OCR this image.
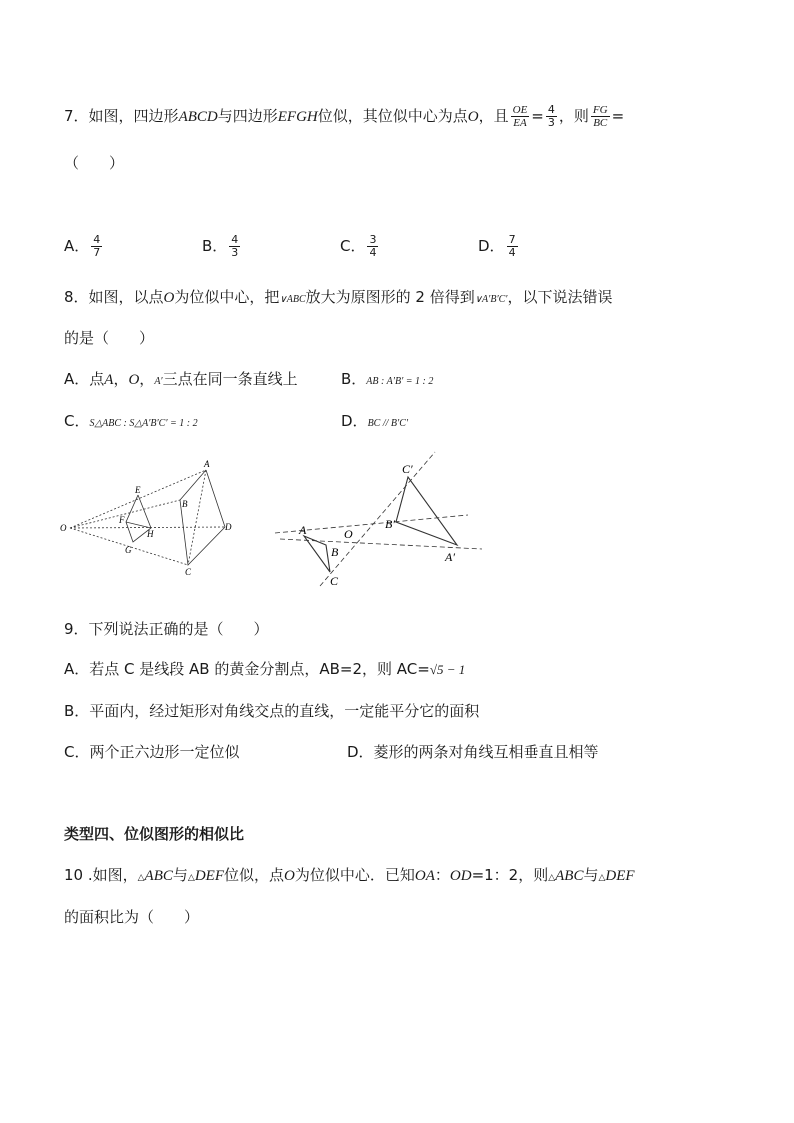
7．如图，四边形ABCD与四边形EFGH位似，其位似中心为点O，且 $\frac{OE}{EA} = \frac{4}{3}$ ，则 $\frac{FG}{BC}$ =
（　　）
A． $\frac{4}{7}$	B． $\frac{4}{3}$	C． $\frac{3}{4}$	D． $\frac{7}{4}$
8．如图，以点O为位似中心，把∨ABC放大为原图形的 2 倍得到∨A′B′C′，以下说法错误
的是（　　）
A．点A，O，A′三点在同一条直线上	B．AB : A′B′ = 1 : 2
C．S△ABC : S△A′B′C′ = 1 : 2	D．BC // B′C′
O
E
F
H
G
A
B
D
C
C′
A	O
B′
B	A′
C
9．下列说法正确的是（　　）
A．若点 C 是线段 AB 的黄金分割点，AB=2，则 AC=√5 − 1
B．平面内，经过矩形对角线交点的直线，一定能平分它的面积
C．两个正六边形一定位似	D．菱形的两条对角线互相垂直且相等
类型四、位似图形的相似比
10 .如图，△ABC与△DEF位似，点O为位似中心．已知OA：OD=1：2，则△ABC与△DEF
的面积比为（　　）
